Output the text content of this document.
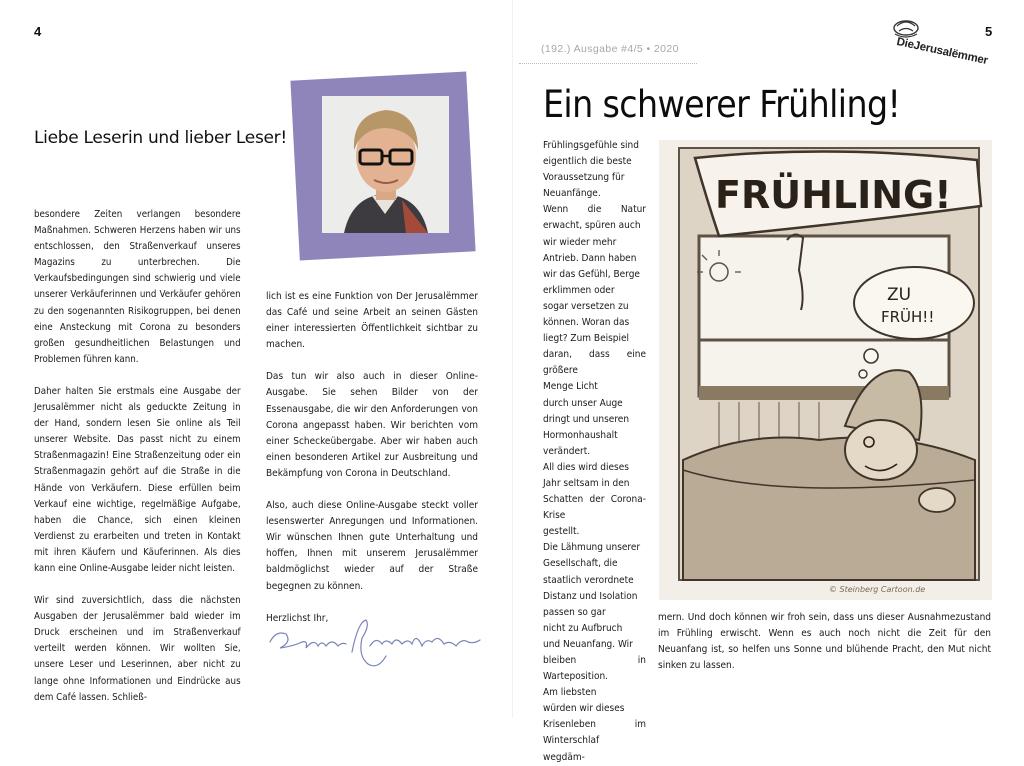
4
Liebe Leserin und lieber Leser!

besondere Zeiten verlangen besondere Maßnahmen. Schweren Herzens haben wir uns entschlossen, den Straßenverkauf unseres Magazins zu unterbrechen. Die Verkaufsbedingungen sind schwierig und viele unserer Verkäuferinnen und Verkäufer gehören zu den sogenannten Risikogruppen, bei denen eine Ansteckung mit Corona zu besonders großen gesundheitlichen Belastungen und Problemen führen kann.

Daher halten Sie erstmals eine Ausgabe der Jerusalëmmer nicht als geduckte Zeitung in der Hand, sondern lesen Sie online als Teil unserer Website. Das passt nicht zu einem Straßenmagazin! Eine Straßenzeitung oder ein Straßenmagazin gehört auf die Straße in die Hände von Verkäufern. Diese erfüllen beim Verkauf eine wichtige, regelmäßige Aufgabe, haben die Chance, sich einen kleinen Verdienst zu erarbeiten und treten in Kontakt mit ihren Käufern und Käuferinnen. Als dies kann eine Online-Ausgabe leider nicht leisten.

Wir sind zuversichtlich, dass die nächsten Ausgaben der Jerusalëmmer bald wieder im Druck erscheinen und im Straßenverkauf verteilt werden können. Wir wollten Sie, unsere Leser und Leserinnen, aber nicht zu lange ohne Informationen und Eindrücke aus dem Café lassen. Schließ-

lich ist es eine Funktion von Der Jerusalëmmer das Café und seine Arbeit an seinen Gästen einer interessierten Öffentlichkeit sichtbar zu machen.

Das tun wir also auch in dieser Online-Ausgabe. Sie sehen Bilder von der Essenausgabe, die wir den Anforderungen von Corona angepasst haben. Wir berichten vom einer Scheckeübergabe. Aber wir haben auch einen besonderen Artikel zur Ausbreitung und Bekämpfung von Corona in Deutschland.

Also, auch diese Online-Ausgabe steckt voller lesenswerter Anregungen und Informationen. Wir wünschen Ihnen gute Unterhaltung und hoffen, Ihnen mit unserem Jerusalëmmer baldmöglichst wieder auf der Straße begegnen zu können.

Herzlichst Ihr,

(192.) Ausgabe #4/5 • 2020	DieJerusalëmmer
5
Ein schwerer Frühling!

Frühlingsgefühle sind

eigentlich die beste

Voraussetzung für

Neuanfänge.

Wenn die Natur erwacht, spüren auch

wir wieder mehr

Antrieb. Dann haben

wir das Gefühl, Berge

erklimmen oder

sogar versetzen zu

können. Woran das

liegt? Zum Beispiel

daran, dass eine größere

Menge Licht

durch unser Auge

dringt und unseren

Hormonhaushalt verändert.

All dies wird dieses

Jahr seltsam in den

Schatten der Corona-Krise

gestellt.

Die Lähmung unserer

Gesellschaft, die

staatlich verordnete

Distanz und Isolation

passen so gar

nicht zu Aufbruch

und Neuanfang. Wir

bleiben in Warteposition.

Am liebsten

würden wir dieses

Krisenleben im Winterschlaf

wegdäm-

FRÜHLING!
ZU
FRÜH!!
© Steinberg Cartoon.de

mern. Und doch können wir froh sein, dass uns dieser Ausnahmezustand im Frühling erwischt. Wenn es auch noch nicht die Zeit für den Neuanfang ist, so helfen uns Sonne und blühende Pracht, den Mut nicht sinken zu lassen.
